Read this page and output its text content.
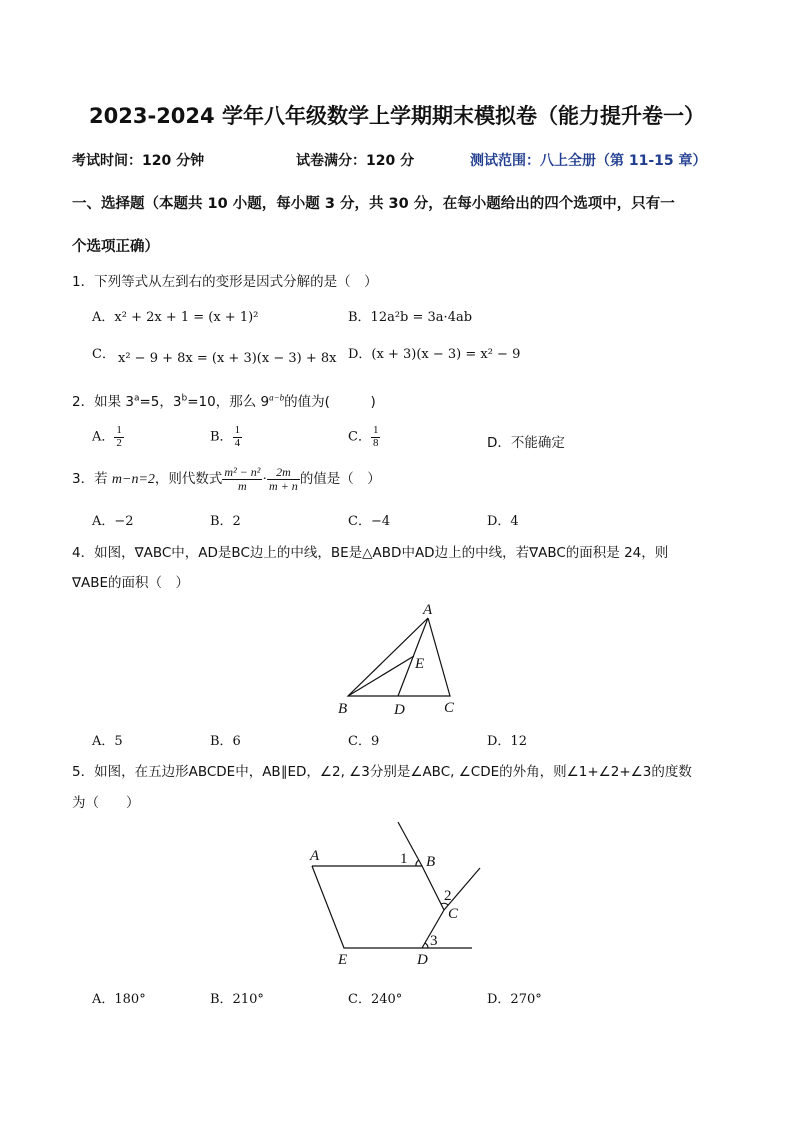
2023-2024 学年八年级数学上学期期末模拟卷（能力提升卷一）
考试时间：120 分钟	试卷满分：120 分	测试范围：八上全册（第 11-15 章）
一、选择题（本题共 10 小题，每小题 3 分，共 30 分，在每小题给出的四个选项中，只有一
个选项正确）
1．下列等式从左到右的变形是因式分解的是（　）
A．x² + 2x + 1 = (x + 1)²	B．12a²b = 3a·4ab
C． x² − 9 + 8x = (x + 3)(x − 3) + 8x D．(x + 3)(x − 3) = x² − 9
2．如果 $3^a=5$，$3^b=10$，那么 $9^{a-b}$的值为(　　　)
A． $\frac{1}{2}$	B． $\frac{1}{4}$	C． $\frac{1}{8}$	D．不能确定
3．若 m−n=2，则代数式 $\frac{\text{m² − n²}}{m} \cdot \frac{2m}{m + n}$ 的值是（　）
A．−2	B．2	C．−4	D．4
4．如图，∇ABC中，AD是BC边上的中线，BE是△ABD中AD边上的中线，若∇ABC的面积是 24，则
∇ABE的面积（　）
A
B	D	C
E
A．5	B．6	C．9	D．12
5．如图，在五边形ABCDE中，AB∥ED，∠2, ∠3分别是∠ABC, ∠CDE的外角，则∠1+∠2+∠3的度数
为（　　）
A	B
C
D
E
1
2
3
A．180°	B．210°	C．240°	D．270°
